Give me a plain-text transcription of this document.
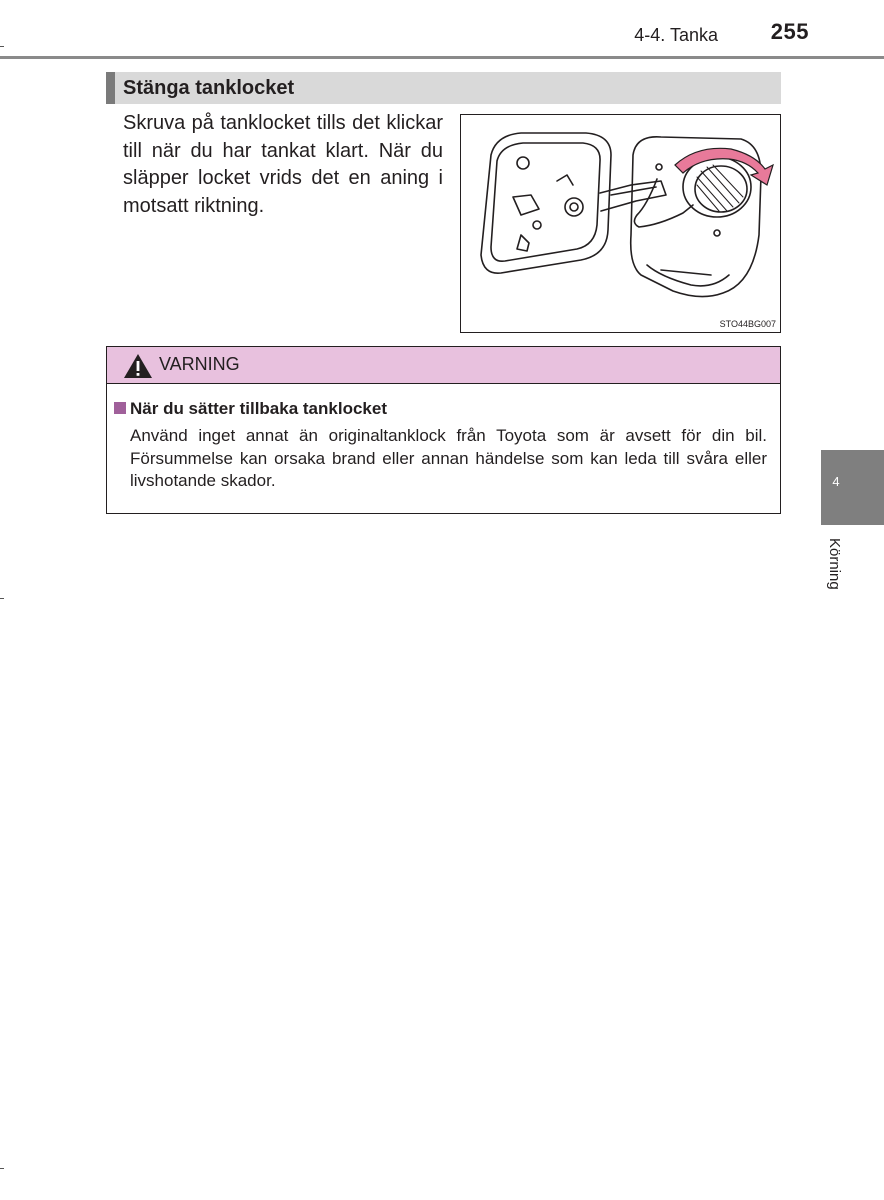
4-4. Tanka 255
Stänga tanklocket
Skruva på tanklocket tills det klickar till när du har tankat klart. När du släpper locket vrids det en aning i motsatt riktning.
STO44BG007
VARNING
När du sätter tillbaka tanklocket
Använd inget annat än originaltanklock från Toyota som är avsett för din bil. Försummelse kan orsaka brand eller annan händelse som kan leda till svåra eller livshotande skador.	4
Körning
